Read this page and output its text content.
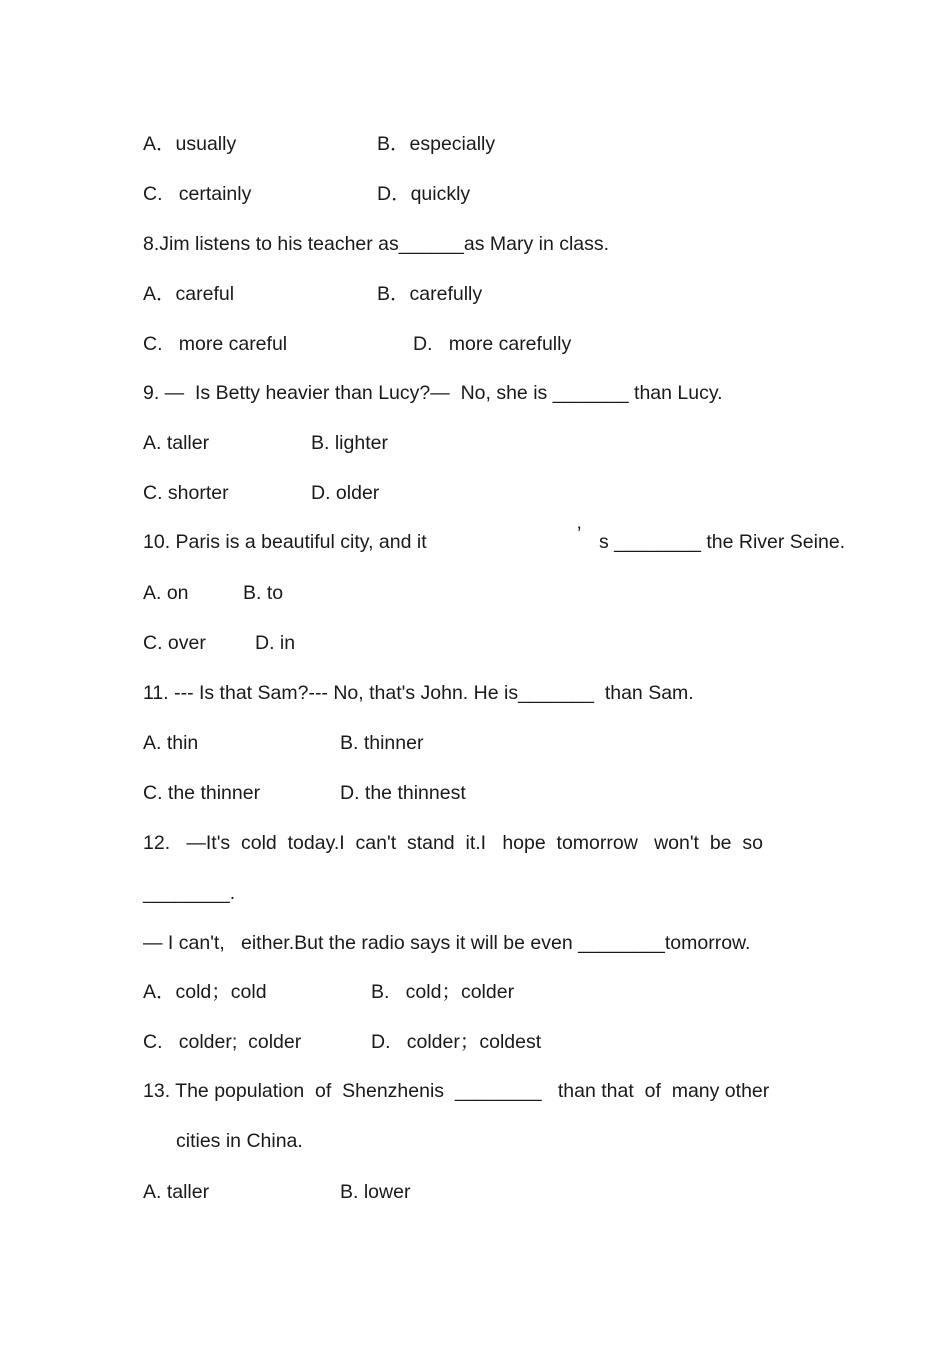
A．usually	B．especially
C.   certainly	D．quickly
8.Jim listens to his teacher as______as Mary in class.
A．careful	B．carefully
C.   more careful	D.   more carefully
9. —  Is Betty heavier than Lucy?—  No, she is _______ than Lucy.
A. taller	B. lighter
C. shorter	D. older
10. Paris is a beautiful city, and it	’ s ________ the River Seine.
A. on	B. to
C. over	D. in
11. --- Is that Sam?--- No, that's John. He is_______  than Sam.
A. thin	B. thinner
C. the thinner	D. the thinnest
12.   —It's  cold  today.I  can't  stand  it.I   hope  tomorrow   won't  be  so
________.
— I can't,   either.But the radio says it will be even ________tomorrow.
A．cold；cold	B.   cold；colder
C.   colder;  colder	D.   colder；coldest
13. The population  of  Shenzhenis  ________   than that  of  many other
cities in China.
A. taller	B. lower
